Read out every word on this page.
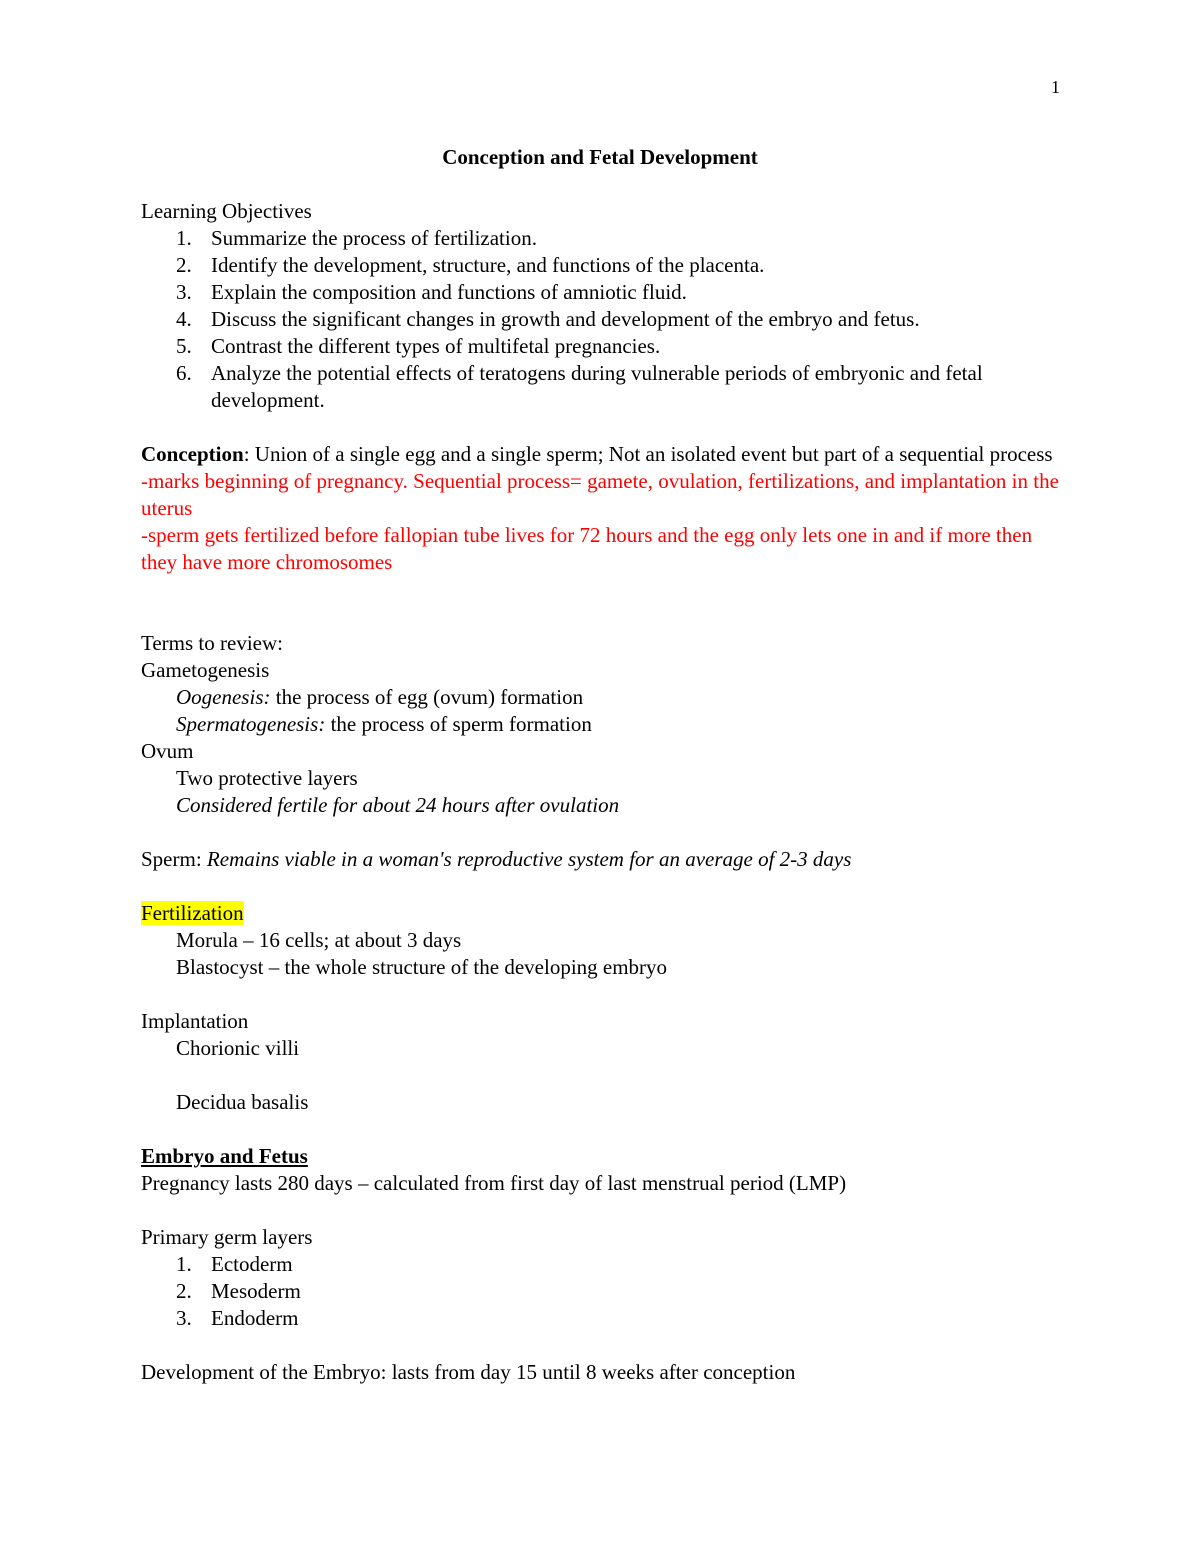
1

Conception and Fetal Development

Learning Objectives

1. Summarize the process of fertilization.

2. Identify the development, structure, and functions of the placenta.

3. Explain the composition and functions of amniotic fluid.

4. Discuss the significant changes in growth and development of the embryo and fetus.

5. Contrast the different types of multifetal pregnancies.

6. Analyze the potential effects of teratogens during vulnerable periods of embryonic and fetal development.

Conception: Union of a single egg and a single sperm; Not an isolated event but part of a sequential process -marks beginning of pregnancy. Sequential process= gamete, ovulation, fertilizations, and implantation in the uterus

-sperm gets fertilized before fallopian tube lives for 72 hours and the egg only lets one in and if more then they have more chromosomes

Terms to review:

Gametogenesis

Oogenesis: the process of egg (ovum) formation

Spermatogenesis: the process of sperm formation

Ovum

Two protective layers

Considered fertile for about 24 hours after ovulation

Sperm: Remains viable in a woman's reproductive system for an average of 2-3 days

Fertilization

Morula – 16 cells; at about 3 days

Blastocyst – the whole structure of the developing embryo

Implantation

Chorionic villi

Decidua basalis

Embryo and Fetus

Pregnancy lasts 280 days – calculated from first day of last menstrual period (LMP)

Primary germ layers

1. Ectoderm

2. Mesoderm

3. Endoderm

Development of the Embryo: lasts from day 15 until 8 weeks after conception
